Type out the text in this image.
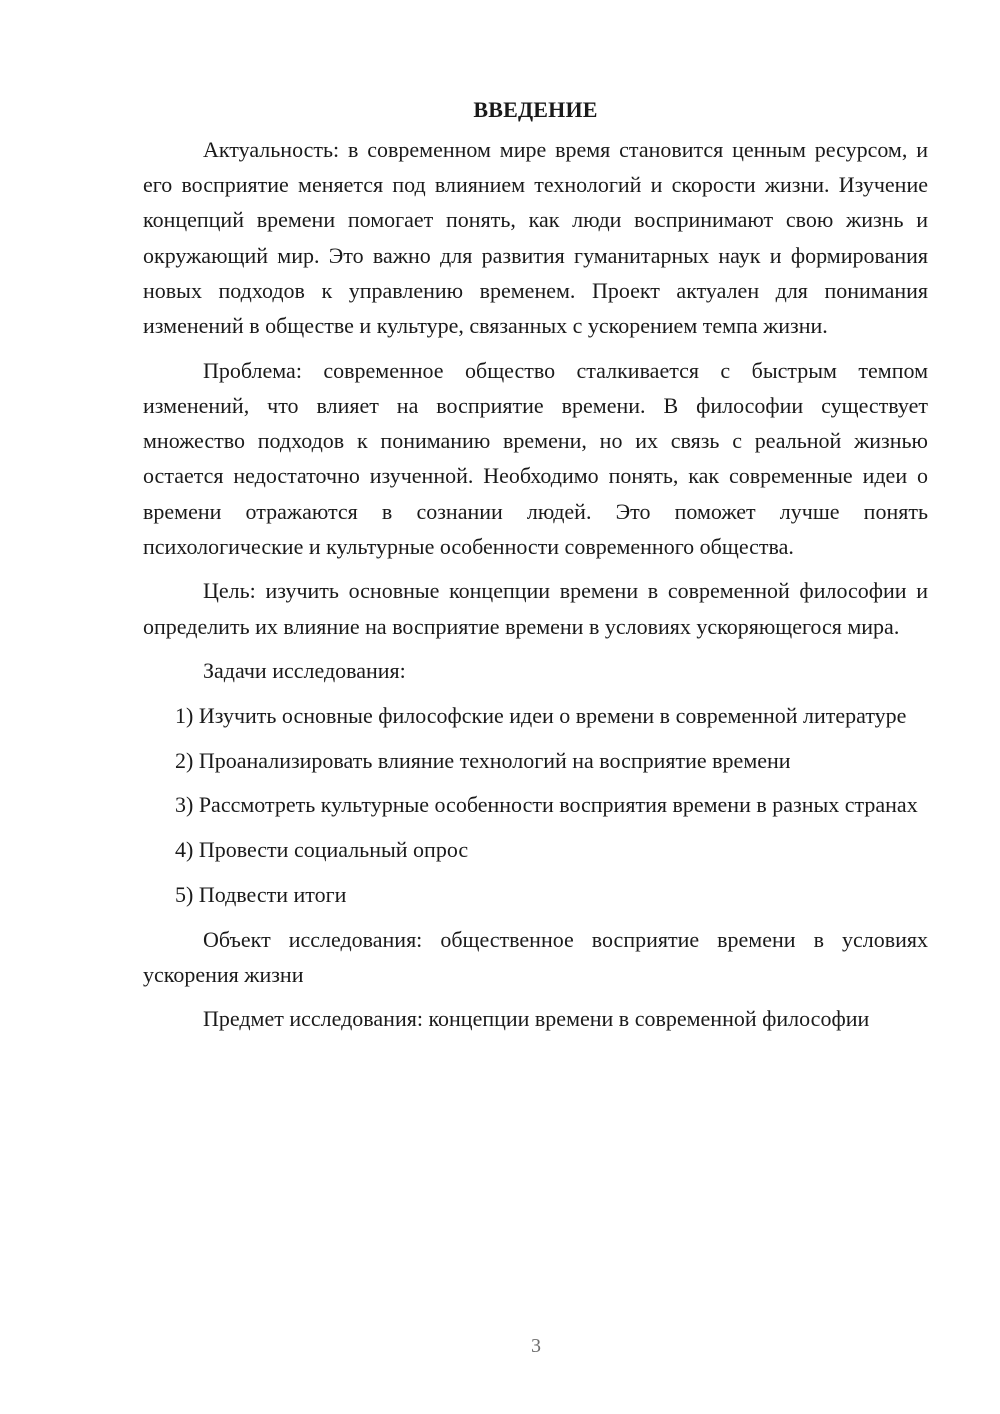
ВВЕДЕНИЕ

Актуальность: в современном мире время становится ценным ресурсом, и его восприятие меняется под влиянием технологий и скорости жизни. Изучение концепций времени помогает понять, как люди воспринимают свою жизнь и окружающий мир. Это важно для развития гуманитарных наук и формирования новых подходов к управлению временем. Проект актуален для понимания изменений в обществе и культуре, связанных с ускорением темпа жизни.

Проблема: современное общество сталкивается с быстрым темпом изменений, что влияет на восприятие времени. В философии существует множество подходов к пониманию времени, но их связь с реальной жизнью остается недостаточно изученной. Необходимо понять, как современные идеи о времени отражаются в сознании людей. Это поможет лучше понять психологические и культурные особенности современного общества.

Цель: изучить основные концепции времени в современной философии и определить их влияние на восприятие времени в условиях ускоряющегося мира.

Задачи исследования:

1) Изучить основные философские идеи о времени в современной литературе

2) Проанализировать влияние технологий на восприятие времени

3) Рассмотреть культурные особенности восприятия времени в разных странах

4) Провести социальный опрос

5) Подвести итоги

Объект исследования: общественное восприятие времени в условиях ускорения жизни

Предмет исследования: концепции времени в современной философии

3
